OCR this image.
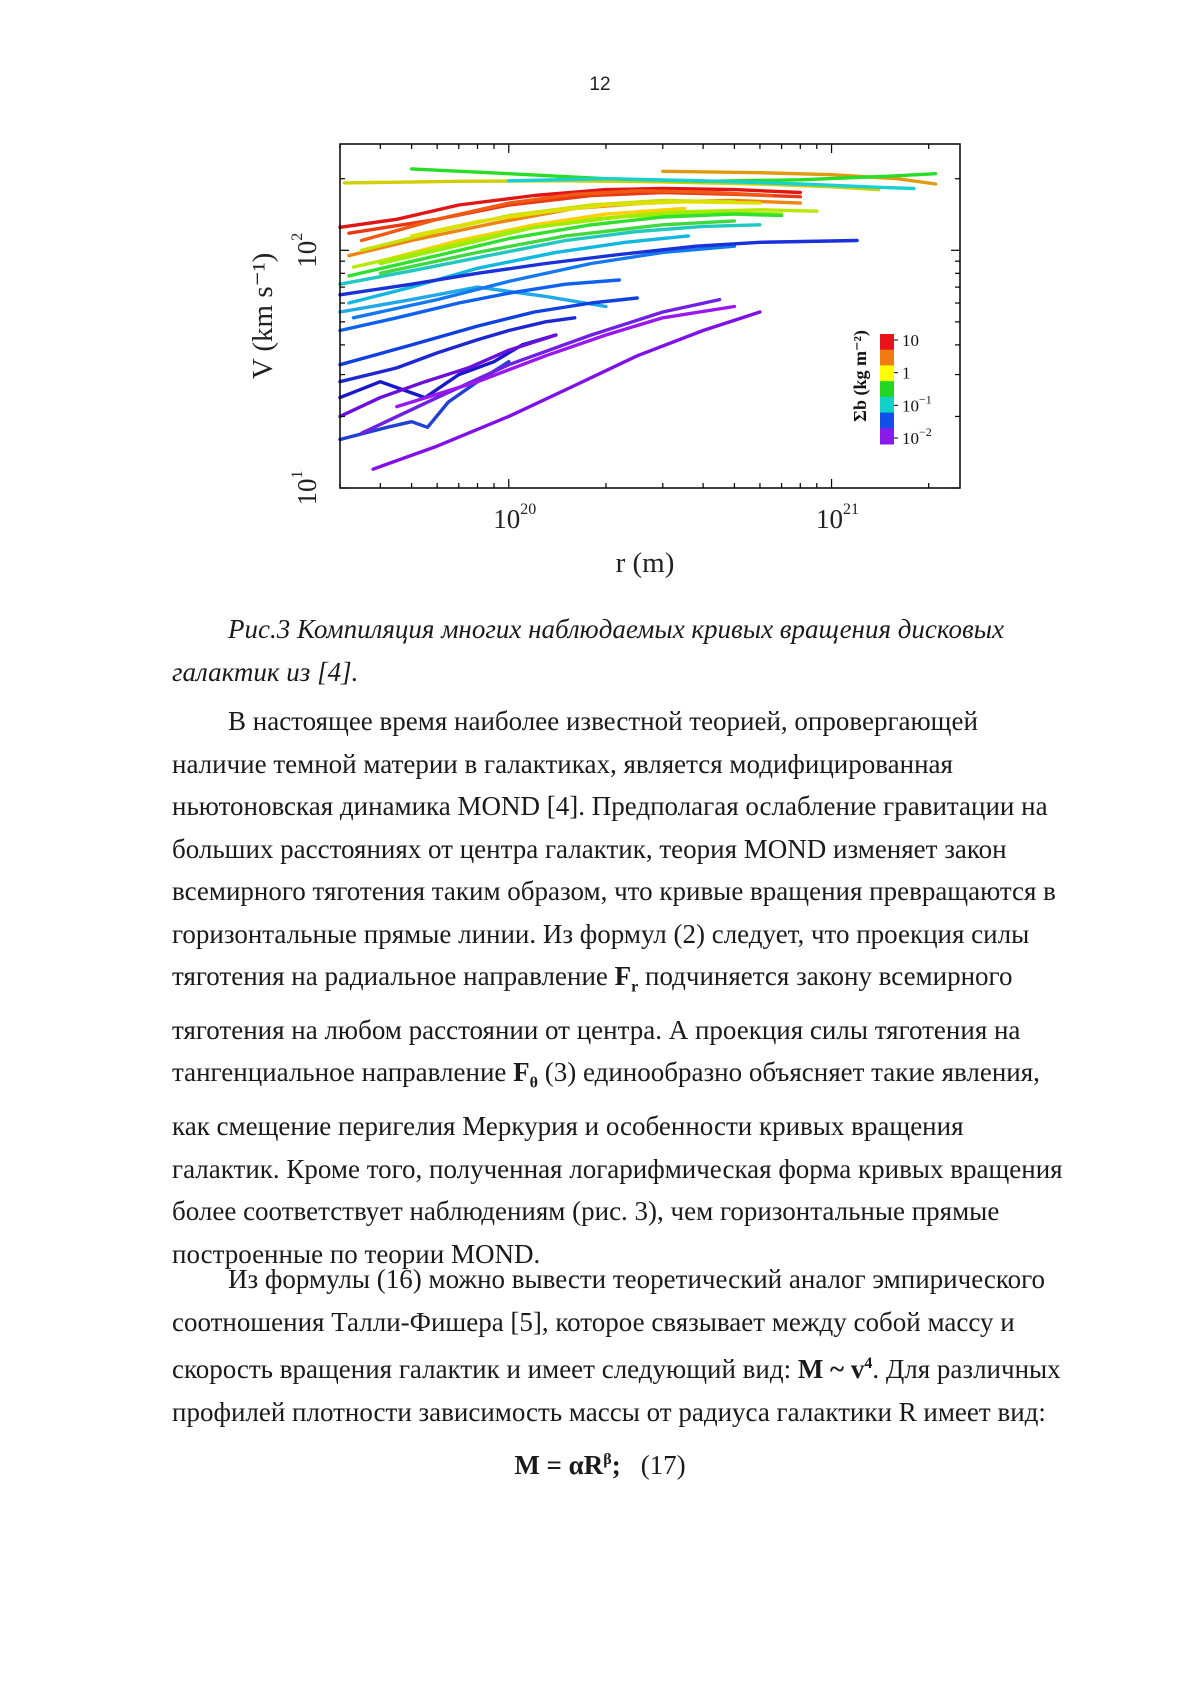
12
1020	1021
101
102
r (m)
V (km s⁻¹)	10
1
10−1
10−2
Σb (kg m⁻²)
Рис.3 Компиляция многих наблюдаемых кривых вращения дисковых
галактик из [4].
В настоящее время наиболее известной теорией, опровергающей
наличие темной материи в галактиках, является модифицированная
ньютоновская динамика MOND [4]. Предполагая ослабление гравитации на
больших расстояниях от центра галактик, теория MOND изменяет закон
всемирного тяготения таким образом, что кривые вращения превращаются в
горизонтальные прямые линии. Из формул (2) следует, что проекция силы
тяготения на радиальное направление Fr подчиняется закону всемирного
тяготения на любом расстоянии от центра. А проекция силы тяготения на
тангенциальное направление Fθ (3) единообразно объясняет такие явления,
как смещение перигелия Меркурия и особенности кривых вращения
галактик. Кроме того, полученная логарифмическая форма кривых вращения
более соответствует наблюдениям (рис. 3), чем горизонтальные прямые
построенные по теории MOND.
Из формулы (16) можно вывести теоретический аналог эмпирического
соотношения Талли-Фишера [5], которое связывает между собой массу и
скорость вращения галактик и имеет следующий вид: M ~ v4. Для различных
профилей плотности зависимость массы от радиуса галактики R имеет вид:
M = αRβ; (17)
